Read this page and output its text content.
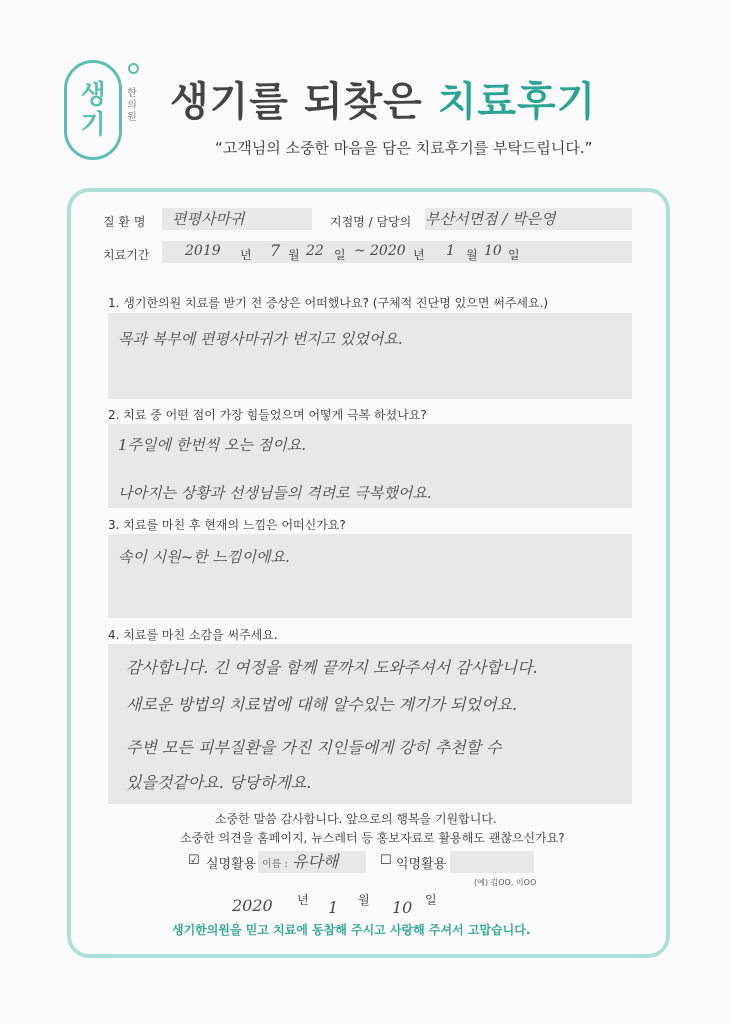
생
기
한의원 생기를 되찾은 치료후기
“고객님의 소중한 마음을 담은 치료후기를 부탁드립니다.”
질 환 명 편평사마귀	지점명 / 담당의 부산서면점 / 박은영
치료기간	2019 년 7 월 22 일 ~ 2020 년 1 월 10 일
1. 생기한의원 치료를 받기 전 증상은 어떠했나요? (구체적 진단명 있으면 써주세요.)
목과 복부에 편평사마귀가 번지고 있었어요.
2. 치료 중 어떤 점이 가장 힘들었으며 어떻게 극복 하셨나요?
1주일에 한번씩 오는 점이요.
나아지는 상황과 선생님들의 격려로 극복했어요.
3. 치료를 마친 후 현재의 느낌은 어떠신가요?
속이 시원~한 느낌이에요.
4. 치료를 마친 소감을 써주세요.
감사합니다. 긴 여정을 함께 끝까지 도와주셔서 감사합니다.
새로운 방법의 치료법에 대해 알수있는 계기가 되었어요.
주변 모든 피부질환을 가진 지인들에게 강히 추천할 수
있을것같아요. 당당하게요.
소중한 말씀 감사합니다. 앞으로의 행복을 기원합니다.
소중한 의견을 홈페이지, 뉴스레터 등 홍보자료로 활용해도 괜찮으신가요?
☑ 실명활용 이름 : 유다해	☐ 익명활용
(예) 김OO, 이OO
2020 년 1 월 10 일
생기한의원을 믿고 치료에 동참해 주시고 사랑해 주셔서 고맙습니다.
